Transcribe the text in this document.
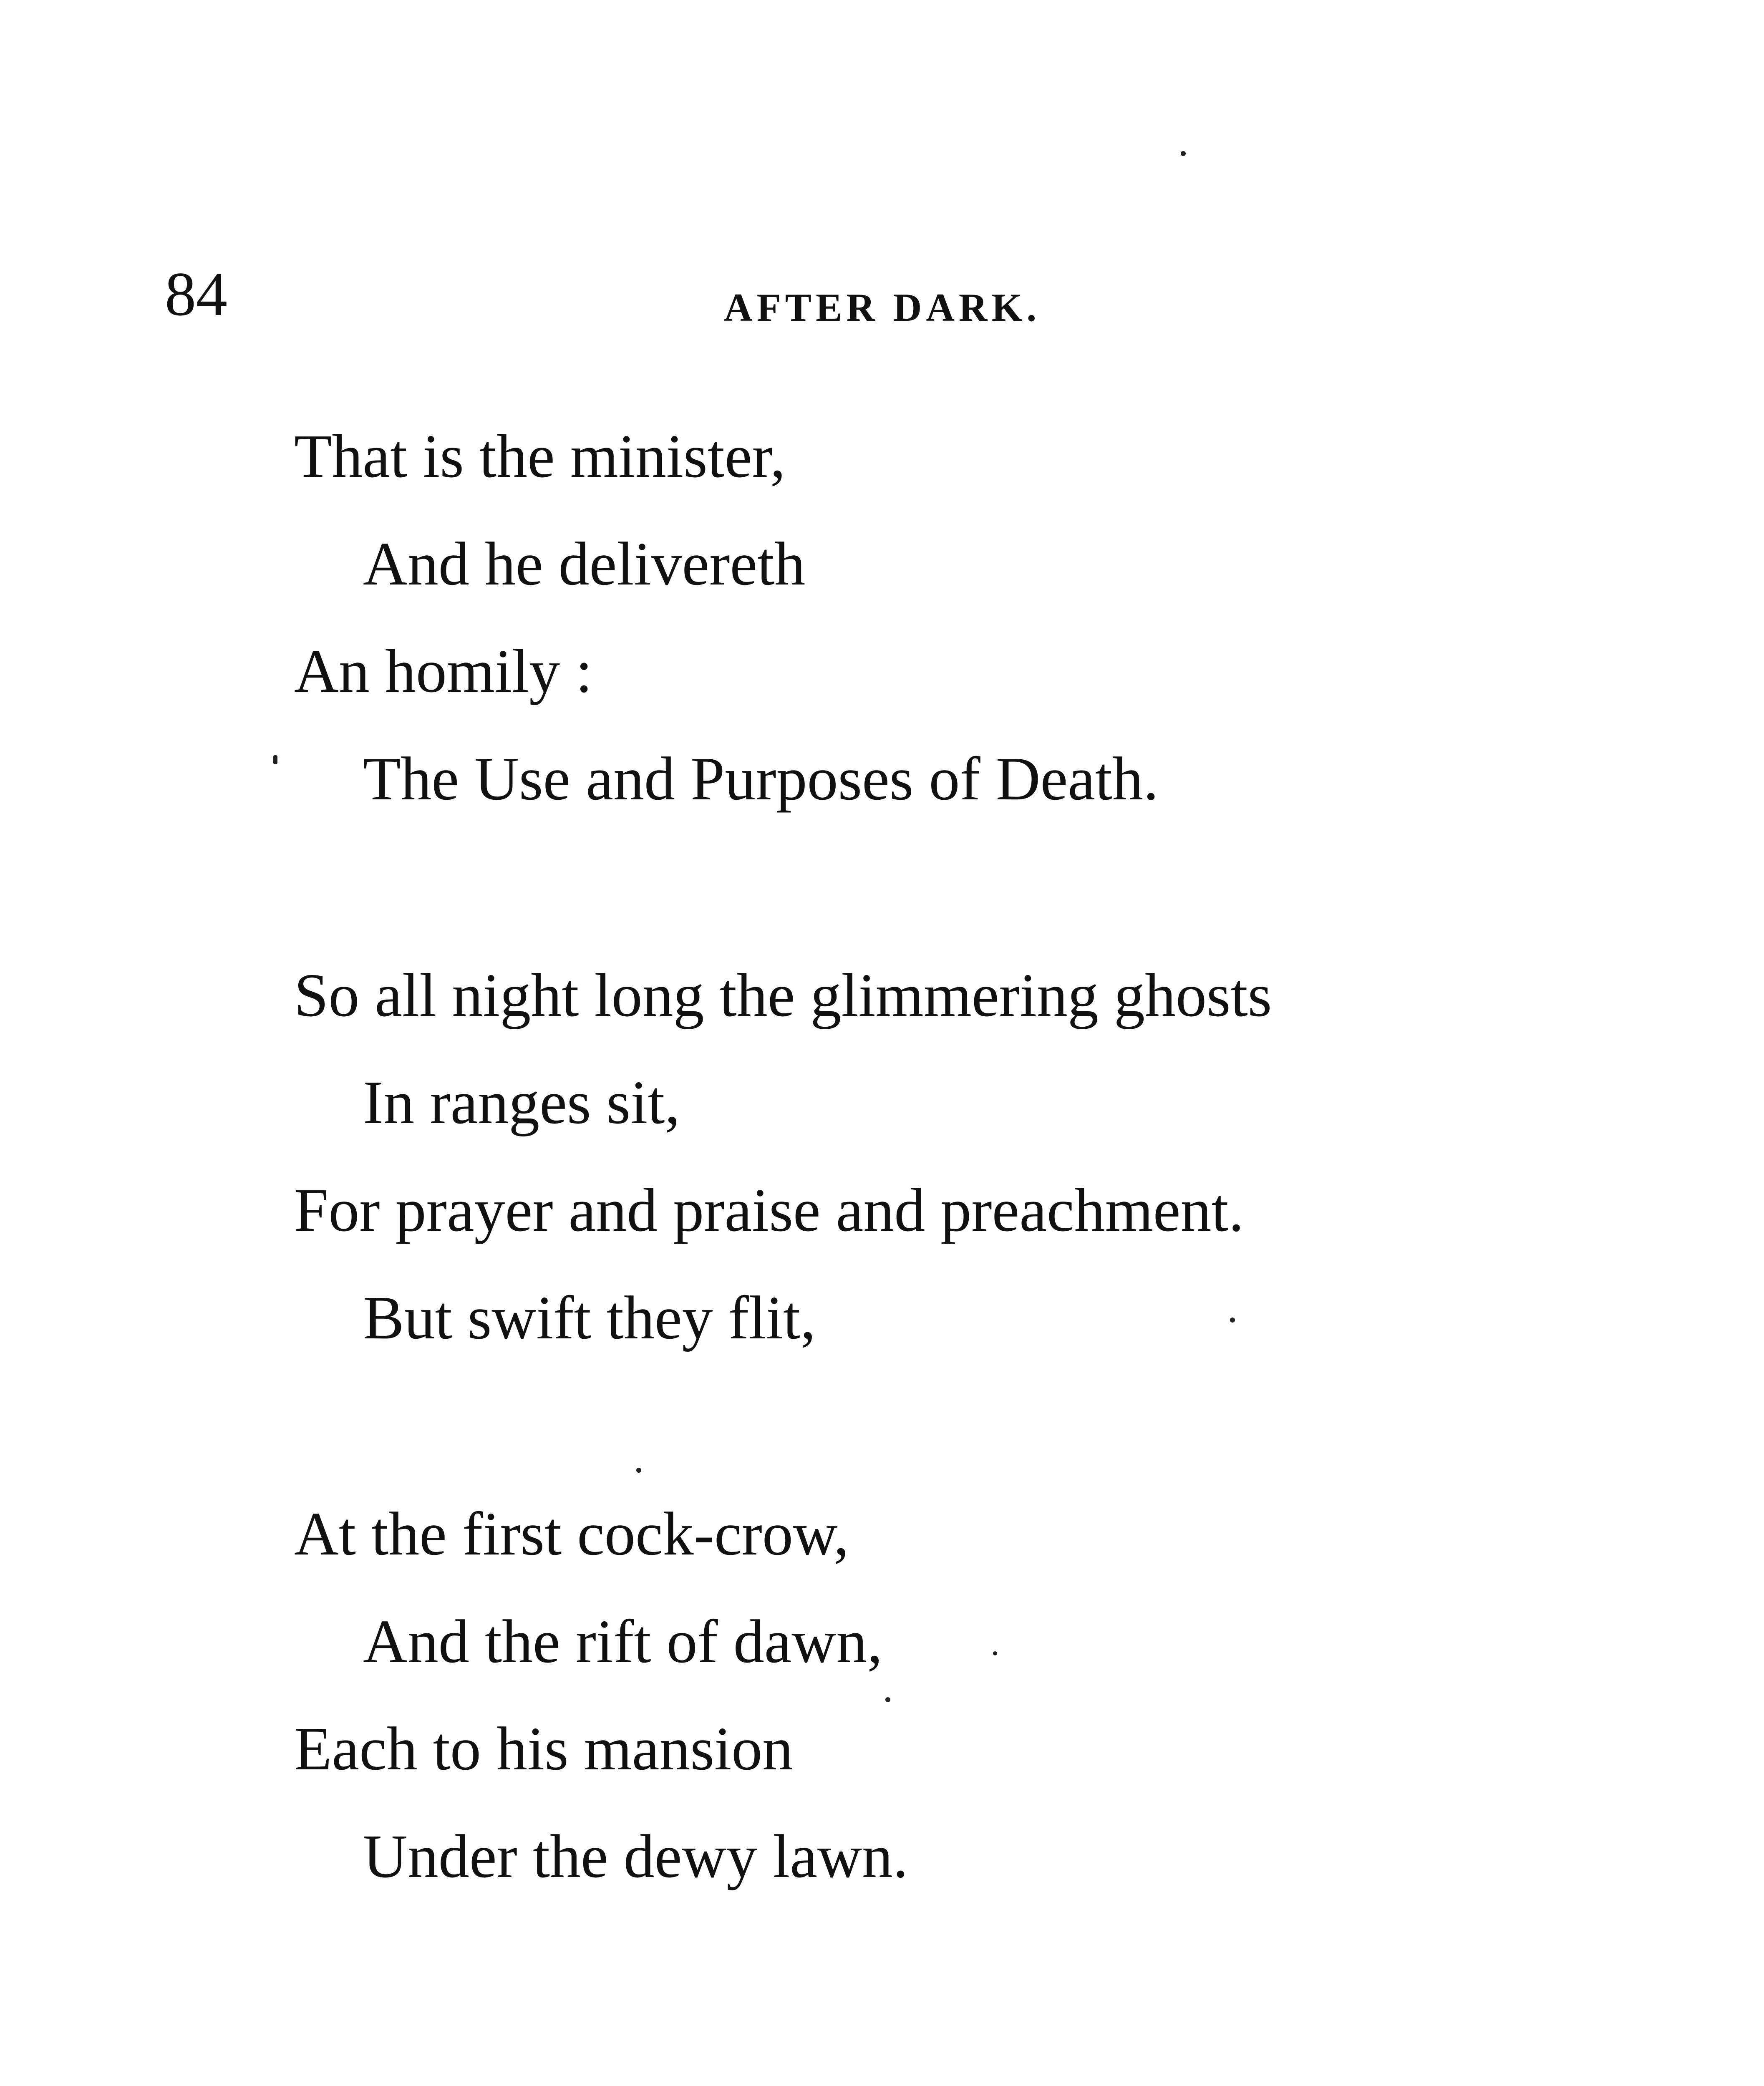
84	AFTER DARK.
That is the minister,
And he delivereth
An homily :
The Use and Purposes of Death.
So all night long the glimmering ghosts
In ranges sit,
For prayer and praise and preachment.
But swift they flit,
At the first cock-crow,
And the rift of dawn,
Each to his mansion
Under the dewy lawn.
